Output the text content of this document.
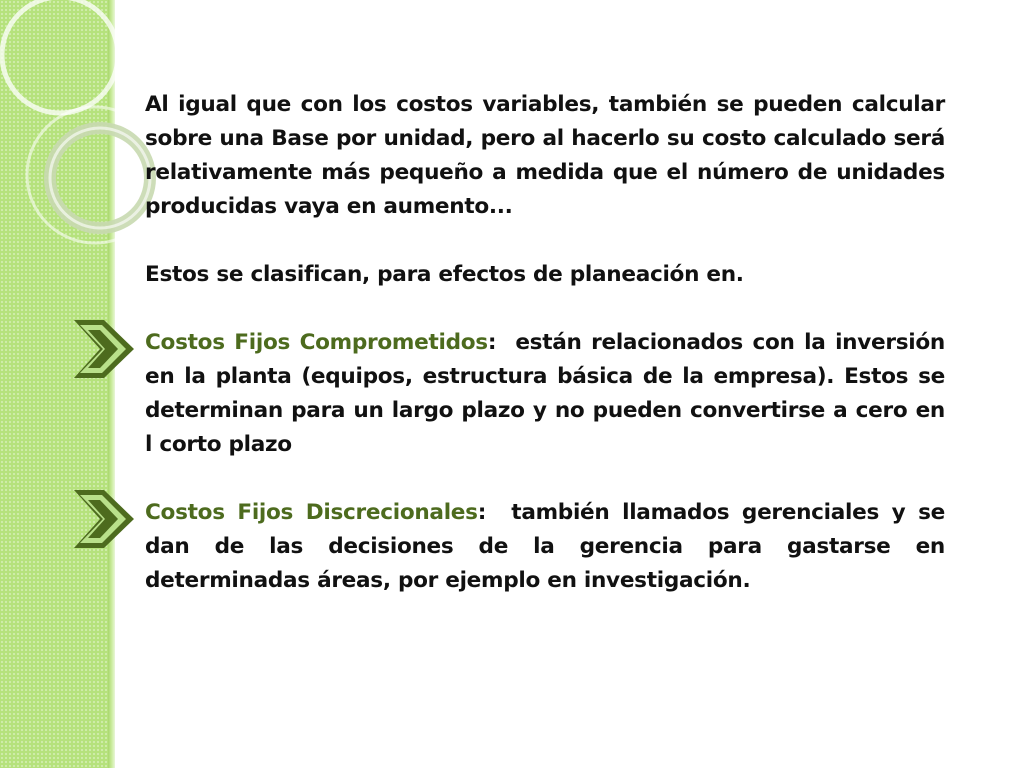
Al igual que con los costos variables, también se pueden calcular sobre una Base por unidad, pero al hacerlo su costo calculado será relativamente más pequeño a medida que el número de unidades producidas vaya en aumento...

Estos se clasifican, para efectos de planeación en.

Costos Fijos Comprometidos:  están relacionados con la inversión en la planta (equipos, estructura básica de la empresa). Estos se determinan para un largo plazo y no pueden convertirse a cero en l corto plazo

Costos Fijos Discrecionales:  también llamados gerenciales y se dan de las decisiones de la gerencia para gastarse en determinadas áreas, por ejemplo en investigación.
